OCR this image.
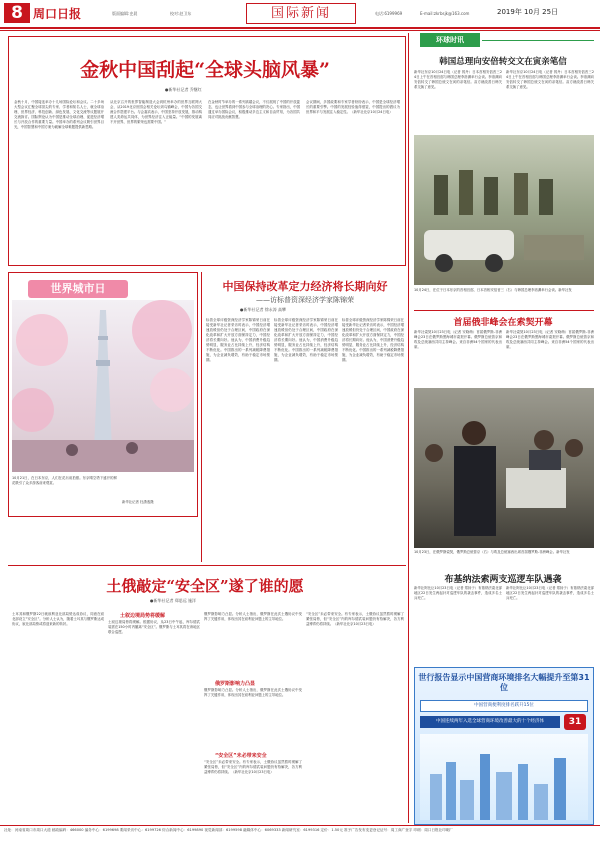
8 周口日报	版面编辑:史晨	校对:赵卫东	国际新闻	电话:6199969	E-mail:zkrbsjk@163.com	2019年 10月 25日
金秋中国刮起“全球头脑风暴”
●新华社记者 乔继红
金秋十月，中国接连举办十几场国际论坛和会议。二十多场大型会议汇聚全球顶尖的专家、学者和知名人士，就全球治理、世界经济、科技创新、绿色发展、文化交流等议题展开交流探讨。国际舆论认为中国是推动全球治理、促进经济增长与开放合作的重要力量。中国举办的系列会议吸引世界目光，中国智慧和中国方案为破解全球难题提供新思路。
从北京召开的世界智能制造大会到杭州举办的世界互联网大会，从2019北京世园会相关论坛到乌镇峰会，中国为各国交流合作搭建平台。与会嘉宾表示，中国坚持开放发展，推动构建人类命运共同体，为世界经济注入正能量。“中国的发展离不开世界，世界的繁荣也需要中国。”
在金秋时节举办的一系列高端会议，不仅展现了中国的开放姿态，也让世界看到中国参与全球治理的决心。专家指出，中国通过举办国际会议，积极推动多边主义和自由贸易，为各国共同应对挑战贡献智慧。
会议期间，多国政要和专家学者纷纷表示，中国是全球经济增长的重要引擎。中国的发展经验值得借鉴，中国提出的倡议为世界和平与发展注入稳定性。（新华社北京10月24日电）
世界城市日
10月21日，在日本东京，人们在花坛前拍照。东京晴空塔下盛开的鲜花吸引了众多游客前来观赏。
新华社记者 杜潇逸摄
中国保持改革定力经济将长期向好
——访标普资深经济学家陈锦荣
●新华社记者 徐永涛 高攀
标普全球评级资深经济学家陈锦荣日前在接受新华社记者采访时表示，中国经济增速放缓但仍处于合理区间，中国政府在深化改革和扩大开放方面保持定力，中国经济将长期向好。他认为，中国消费升级趋势明显，服务业占比持续上升，经济结构不断优化。中国推出的一系列减税降费措施，为企业减负增效，有助于稳定市场预期。
标普全球评级资深经济学家陈锦荣日前在接受新华社记者采访时表示，中国经济增速放缓但仍处于合理区间，中国政府在深化改革和扩大开放方面保持定力，中国经济将长期向好。他认为，中国消费升级趋势明显，服务业占比持续上升，经济结构不断优化。中国推出的一系列减税降费措施，为企业减负增效，有助于稳定市场预期。
标普全球评级资深经济学家陈锦荣日前在接受新华社记者采访时表示，中国经济增速放缓但仍处于合理区间，中国政府在深化改革和扩大开放方面保持定力，中国经济将长期向好。他认为，中国消费升级趋势明显，服务业占比持续上升，经济结构不断优化。中国推出的一系列减税降费措施，为企业减负增效，有助于稳定市场预期。
环球时讯
韩国总理向安倍转交文在寅亲笔信
新华社东京10月24日电（记者 郭丹）日本首相安倍晋三24日上午在首相官邸与韩国总理李洛渊举行会谈。李洛渊向安倍转交了韩国总统文在寅的亲笔信。双方就改善日韩关系交换了意见。
新华社东京10月24日电（记者 郭丹）日本首相安倍晋三24日上午在首相官邸与韩国总理李洛渊举行会谈。李洛渊向安倍转交了韩国总统文在寅的亲笔信。双方就改善日韩关系交换了意见。
10月24日，在位于日本东京的首相官邸，日本首相安倍晋三（右）与韩国总理李洛渊举行会谈。新华社发
首届俄非峰会在索契开幕
新华社索契10月23日电（记者 安晓萌）首届俄罗斯-非洲峰会23日在俄罗斯黑海城市索契开幕。俄罗斯总统普京和埃及总统塞西共同主持峰会。来自非洲54个国家的代表出席。
新华社索契10月23日电（记者 安晓萌）首届俄罗斯-非洲峰会23日在俄罗斯黑海城市索契开幕。俄罗斯总统普京和埃及总统塞西共同主持峰会。来自非洲54个国家的代表出席。
10月23日，在俄罗斯索契，俄罗斯总统普京（右）与埃及总统塞西出席首届俄罗斯-非洲峰会。新华社发
布基纳法索两支巡逻车队遇袭
新华社阿比让10月23日电（记者 郑扬子）布基纳法索北部地区22日发生两起针对巡逻车队的袭击事件，造成多名士兵死亡。
新华社阿比让10月23日电（记者 郑扬子）布基纳法索北部地区22日发生两起针对巡逻车队的袭击事件，造成多名士兵死亡。
世行报告显示中国营商环境排名大幅提升至第31位
中国营商便利度排名跃升15位
中国连续两年入选全球营商环境改善最大的十个经济体	31
土俄敲定“安全区”遂了谁的愿
●新华社记者 郑思远 施洋
土耳其和俄罗斯22日就叙利亚北部局势达成协议，同意在叙北部设立“安全区”。分析人士认为，随着土耳其与俄罗斯达成协议，叙北部局势或将迎来新的转折。
土叙边境局势将缓解
土叙边境局势将缓解。根据协议，从23日中午起，库尔德武装需在150小时内撤离“安全区”。俄罗斯与土耳其将在该地区联合巡逻。
俄罗斯影响力凸显
俄罗斯影响力凸显。分析人士指出，俄罗斯在此次土俄协议中发挥了关键作用，体现出其在叙利亚问题上的主导地位。
俄罗斯影响力凸显。分析人士指出，俄罗斯在此次土俄协议中发挥了关键作用，体现出其在叙利亚问题上的主导地位。
“安全区”未必带来安全
“安全区”未必带来安全。有专家表示，土俄协议虽然暂时缓解了紧张局势，但“安全区”内的库尔德武装问题仍有待解决，各方利益博弈仍将持续。（新华社北京10月23日电）
“安全区”未必带来安全。有专家表示，土俄协议虽然暂时缓解了紧张局势，但“安全区”内的库尔德武装问题仍有待解决，各方利益博弈仍将持续。（新华社北京10月23日电）
社址：河南省周口市周口大道 邮政编码：466000 编务中心：6199698 要闻采访中心：6199726 综合新闻中心：6199890 视觉新闻部：6199598 融媒体中心：6069333 新闻研究室：6199316 定价：1.50元 准予广告发布变更登记证号：周工商广登字 印刷：周口日报社印刷厂
